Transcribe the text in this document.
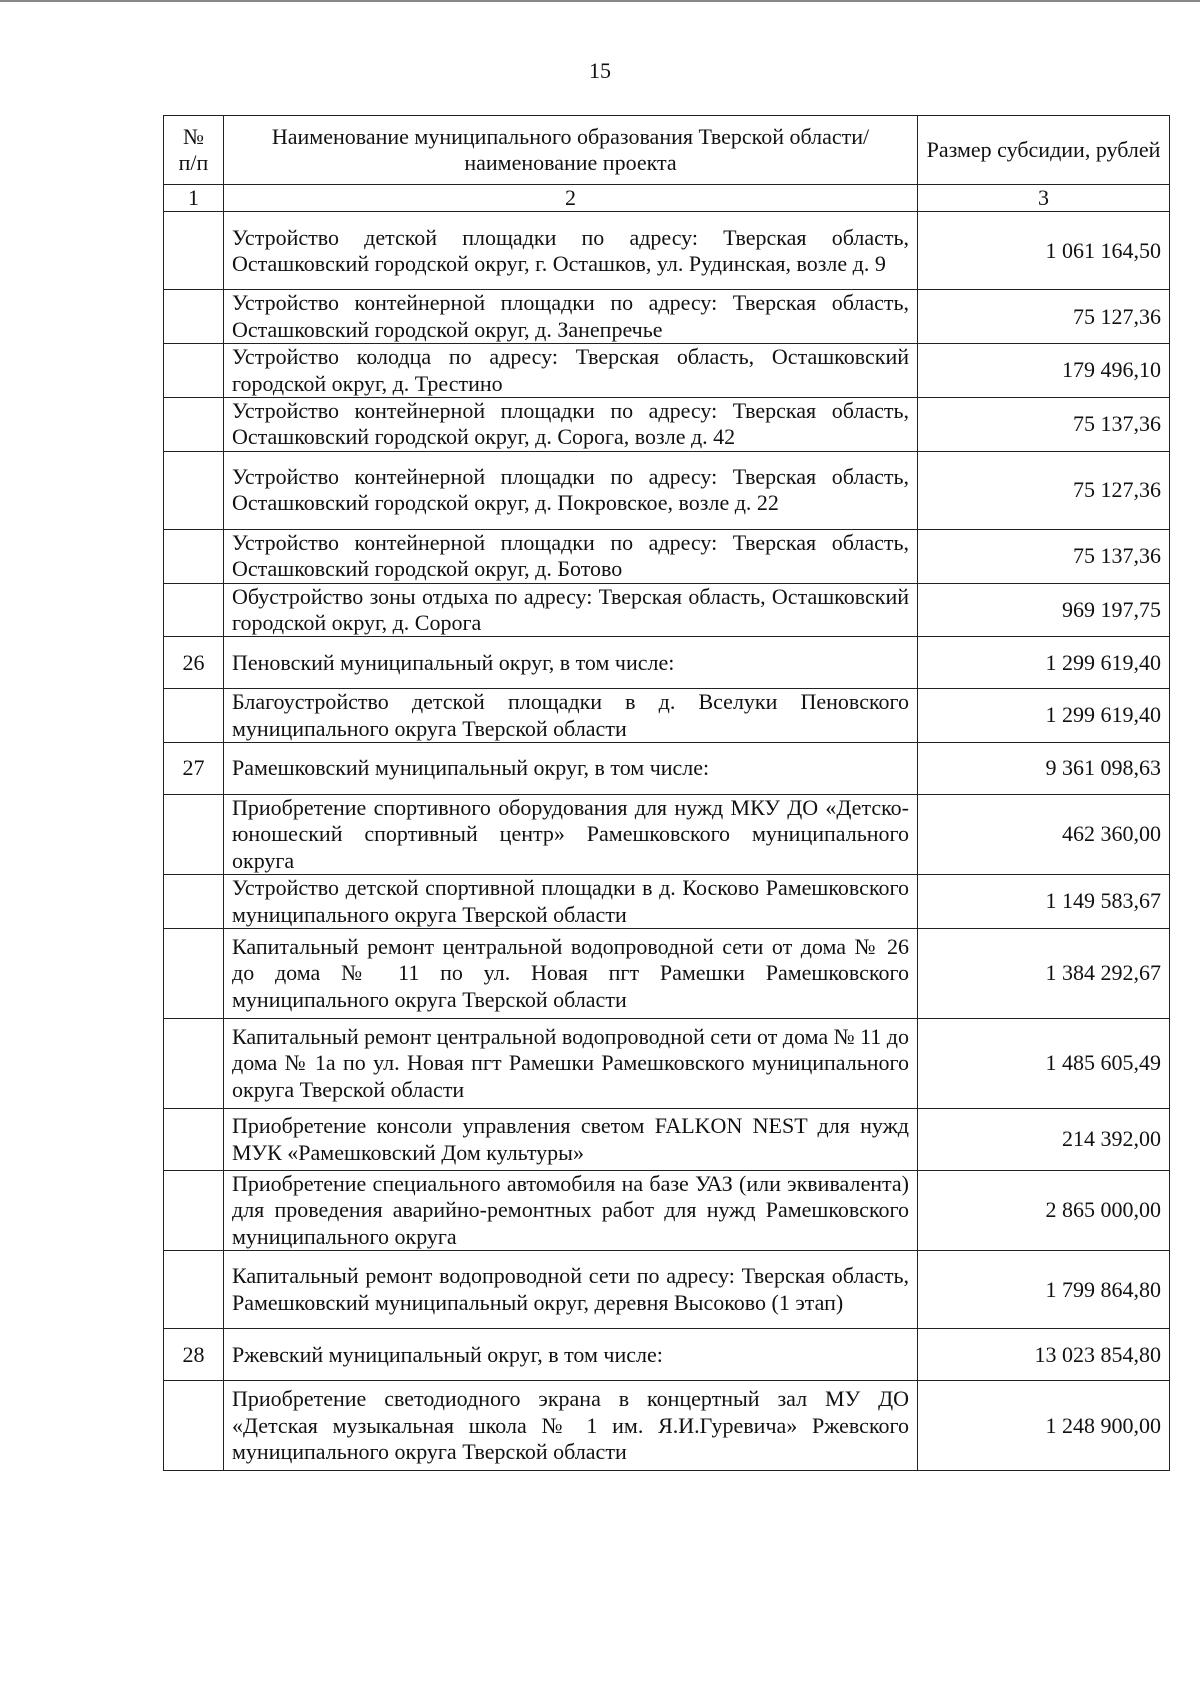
15
№ п/п	Наименование муниципального образования Тверской области/наименование проекта	Размер субсидии, рублей
1	2	3
	Устройство детской площадки по адресу: Тверская область, Осташковский городской округ, г. Осташков, ул. Рудинская, возле д. 9	1 061 164,50
	Устройство контейнерной площадки по адресу: Тверская область, Осташковский городской округ, д. Занепречье	75 127,36
	Устройство колодца по адресу: Тверская область, Осташковский городской округ, д. Трестино	179 496,10
	Устройство контейнерной площадки по адресу: Тверская область, Осташковский городской округ, д. Сорога, возле д. 42	75 137,36
	Устройство контейнерной площадки по адресу: Тверская область, Осташковский городской округ, д. Покровское, возле д. 22	75 127,36
	Устройство контейнерной площадки по адресу: Тверская область, Осташковский городской округ, д. Ботово	75 137,36
	Обустройство зоны отдыха по адресу: Тверская область, Осташковский городской округ, д. Сорога	969 197,75
26	Пеновский муниципальный округ, в том числе:	1 299 619,40
	Благоустройство детской площадки в д. Вселуки Пеновского муниципального округа Тверской области	1 299 619,40
27	Рамешковский муниципальный округ, в том числе:	9 361 098,63
	Приобретение спортивного оборудования для нужд МКУ ДО «Детско-юношеский спортивный центр» Рамешковского муниципального округа	462 360,00
	Устройство детской спортивной площадки в д. Косково Рамешковского муниципального округа Тверской области	1 149 583,67
	Капитальный ремонт центральной водопроводной сети от дома № 26 до дома № 11 по ул. Новая пгт Рамешки Рамешковского муниципального округа Тверской области	1 384 292,67
	Капитальный ремонт центральной водопроводной сети от дома № 11 до дома № 1а по ул. Новая пгт Рамешки Рамешковского муниципального округа Тверской области	1 485 605,49
	Приобретение консоли управления светом FALKON NEST для нужд МУК «Рамешковский Дом культуры»	214 392,00
	Приобретение специального автомобиля на базе УАЗ (или эквивалента) для проведения аварийно-ремонтных работ для нужд Рамешковского муниципального округа	2 865 000,00
	Капитальный ремонт водопроводной сети по адресу: Тверская область, Рамешковский муниципальный округ, деревня Высоково (1 этап)	1 799 864,80
28	Ржевский муниципальный округ, в том числе:	13 023 854,80
	Приобретение светодиодного экрана в концертный зал МУ ДО «Детская музыкальная школа № 1 им. Я.И.Гуревича» Ржевского муниципального округа Тверской области	1 248 900,00
